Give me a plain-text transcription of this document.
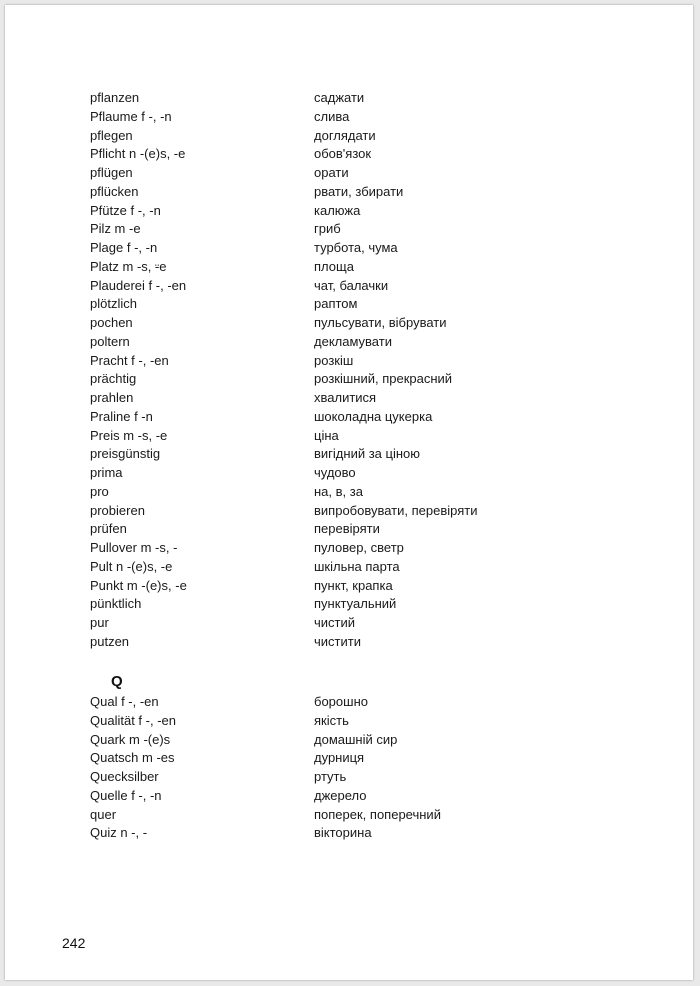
pflanzen	саджати
Pflaume f -, -n	слива
pflegen	доглядати
Pflicht n -(e)s, -e	обов'язок
pflügen	орати
pflücken	рвати, збирати
Pfütze f -, -n	калюжа
Pilz m -e	гриб
Plage f -, -n	турбота, чума
Platz m -s, ⸚e	площа
Plauderei f -, -en	чат, балачки
plötzlich	раптом
pochen	пульсувати, вібрувати
poltern	декламувати
Pracht f -, -en	розкіш
prächtig	розкішний, прекрасний
prahlen	хвалитися
Praline f -n	шоколадна цукерка
Preis m -s, -e	ціна
preisgünstig	вигідний за ціною
prima	чудово
pro	на, в, за
probieren	випробовувати, перевіряти
prüfen	перевіряти
Pullover m -s, -	пуловер, светр
Pult n -(e)s, -e	шкільна парта
Punkt m -(e)s, -e	пункт, крапка
pünktlich	пунктуальний
pur	чистий
putzen	чистити
Q
Qual f -, -en	борошно
Qualität f -, -en	якість
Quark m -(e)s	домашній сир
Quatsch m -es	дурниця
Quecksilber	ртуть
Quelle f -, -n	джерело
quer	поперек, поперечний
Quiz n -, -	вікторина
242
